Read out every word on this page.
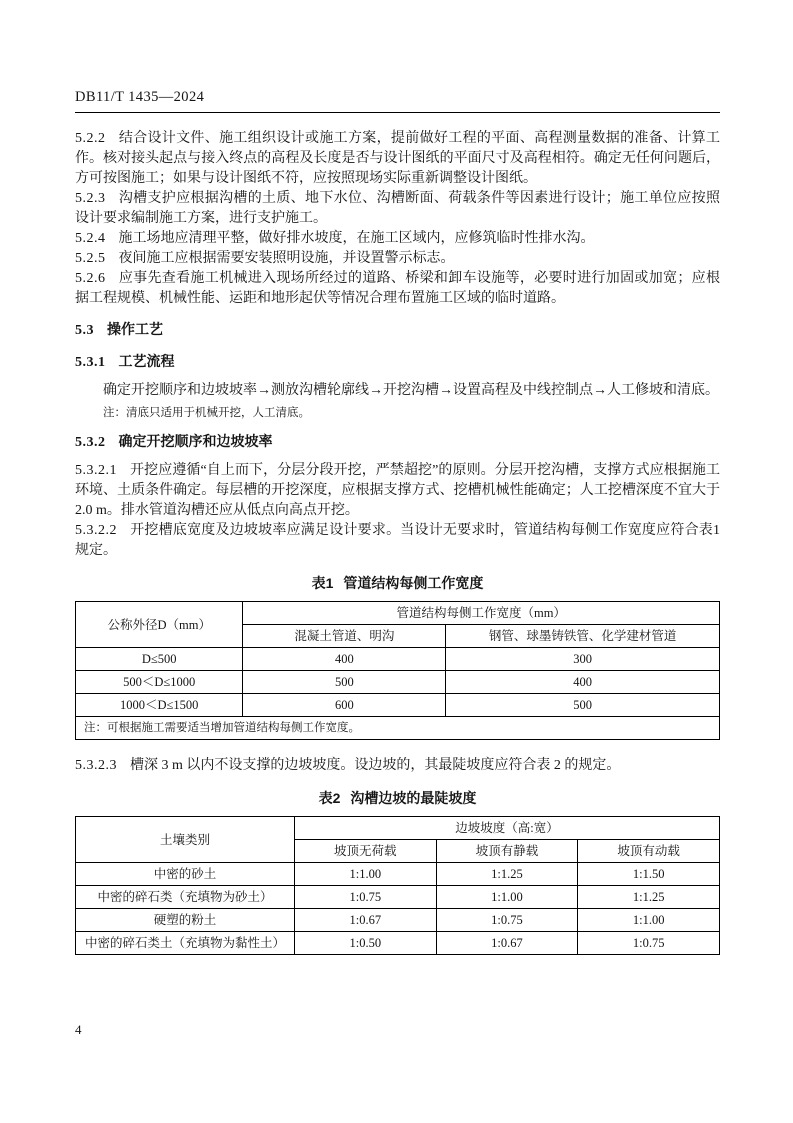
DB11/T 1435—2024

5.2.2 结合设计文件、施工组织设计或施工方案，提前做好工程的平面、高程测量数据的准备、计算工作。核对接头起点与接入终点的高程及长度是否与设计图纸的平面尺寸及高程相符。确定无任何问题后，方可按图施工；如果与设计图纸不符，应按照现场实际重新调整设计图纸。

5.2.3 沟槽支护应根据沟槽的土质、地下水位、沟槽断面、荷载条件等因素进行设计；施工单位应按照设计要求编制施工方案，进行支护施工。

5.2.4 施工场地应清理平整，做好排水坡度，在施工区域内，应修筑临时性排水沟。

5.2.5 夜间施工应根据需要安装照明设施，并设置警示标志。

5.2.6 应事先查看施工机械进入现场所经过的道路、桥梁和卸车设施等，必要时进行加固或加宽；应根据工程规模、机械性能、运距和地形起伏等情况合理布置施工区域的临时道路。

5.3 操作工艺

5.3.1 工艺流程

确定开挖顺序和边坡坡率→测放沟槽轮廓线→开挖沟槽→设置高程及中线控制点→人工修坡和清底。

注：清底只适用于机械开挖，人工清底。

5.3.2 确定开挖顺序和边坡坡率

5.3.2.1 开挖应遵循“自上而下，分层分段开挖，严禁超挖”的原则。分层开挖沟槽，支撑方式应根据施工环境、土质条件确定。每层槽的开挖深度，应根据支撑方式、挖槽机械性能确定；人工挖槽深度不宜大于 2.0 m。排水管道沟槽还应从低点向高点开挖。

5.3.2.2 开挖槽底宽度及边坡坡率应满足设计要求。当设计无要求时，管道结构每侧工作宽度应符合表1规定。

表1 管道结构每侧工作宽度

公称外径D（mm）	管道结构每侧工作宽度（mm）	
	混凝土管道、明沟	钢管、球墨铸铁管、化学建材管道
D≤500	400	300
500＜D≤1000	500	400
1000＜D≤1500	600	500
注：可根据施工需要适当增加管道结构每侧工作宽度。		

5.3.2.3 槽深 3 m 以内不设支撑的边坡坡度。设边坡的，其最陡坡度应符合表 2 的规定。

表2 沟槽边坡的最陡坡度

土壤类别	边坡坡度（高:宽）		
	坡顶无荷载	坡顶有静载	坡顶有动载
中密的砂土	1:1.00	1:1.25	1:1.50
中密的碎石类（充填物为砂土）	1:0.75	1:1.00	1:1.25
硬塑的粉土	1:0.67	1:0.75	1:1.00
中密的碎石类土（充填物为黏性土）	1:0.50	1:0.67	1:0.75
4
